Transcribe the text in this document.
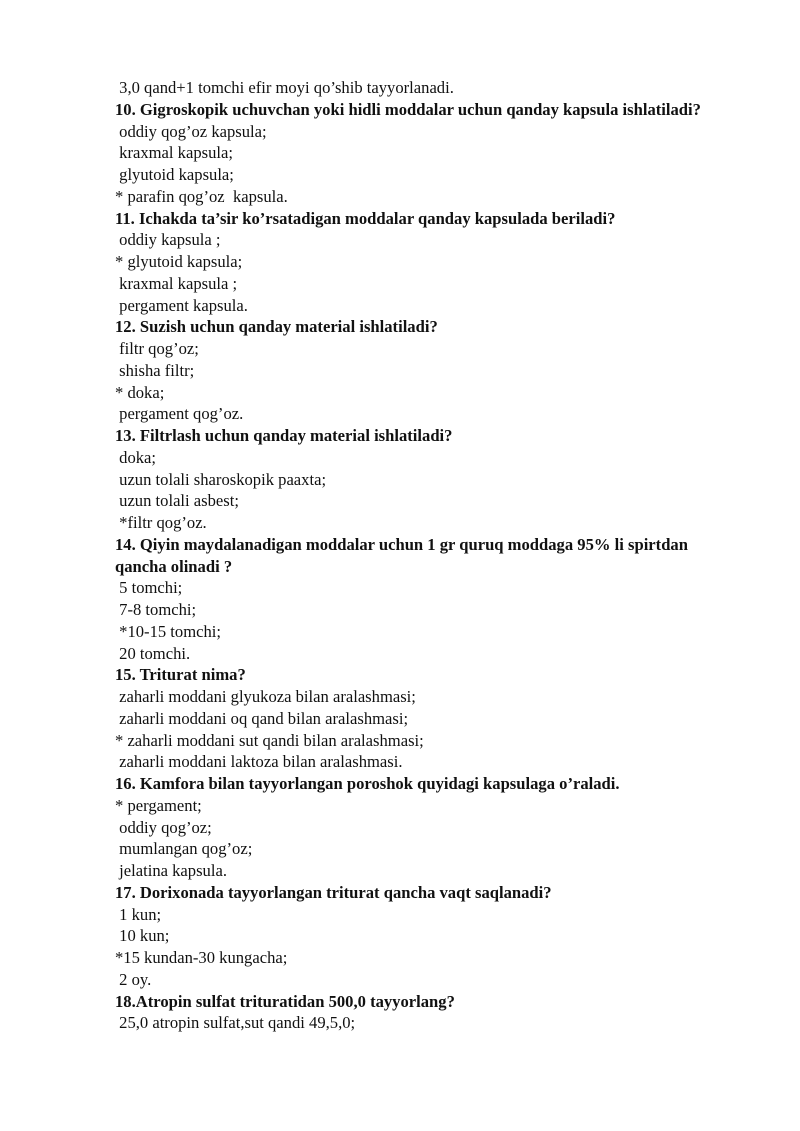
3,0 qand+1 tomchi efir moyi qo’shib tayyorlanadi.

10. Gigroskopik uchuvchan yoki hidli moddalar uchun qanday kapsula ishlatiladi?

oddiy qog’oz kapsula;

kraxmal kapsula;

glyutoid kapsula;

* parafin qog’oz  kapsula.

11. Ichakda ta’sir ko’rsatadigan moddalar qanday kapsulada beriladi?

oddiy kapsula ;

* glyutoid kapsula;

kraxmal kapsula ;

pergament kapsula.

12. Suzish uchun qanday material ishlatiladi?

filtr qog’oz;

shisha filtr;

* doka;

pergament qog’oz.

13. Filtrlash uchun qanday material ishlatiladi?

doka;

uzun tolali sharoskopik paaxta;

uzun tolali asbest;

*filtr qog’oz.

14. Qiyin maydalanadigan moddalar uchun 1 gr quruq moddaga 95% li spirtdan qancha olinadi ?

5 tomchi;

7-8 tomchi;

*10-15 tomchi;

20 tomchi.

15. Triturat nima?

zaharli moddani glyukoza bilan aralashmasi;

zaharli moddani oq qand bilan aralashmasi;

* zaharli moddani sut qandi bilan aralashmasi;

zaharli moddani laktoza bilan aralashmasi.

16. Kamfora bilan tayyorlangan poroshok quyidagi kapsulaga o’raladi.

* pergament;

oddiy qog’oz;

mumlangan qog’oz;

jelatina kapsula.

17. Dorixonada tayyorlangan triturat qancha vaqt saqlanadi?

1 kun;

10 kun;

*15 kundan-30 kungacha;

2 oy.

18.Atropin sulfat trituratidan 500,0 tayyorlang?

25,0 atropin sulfat,sut qandi 49,5,0;
